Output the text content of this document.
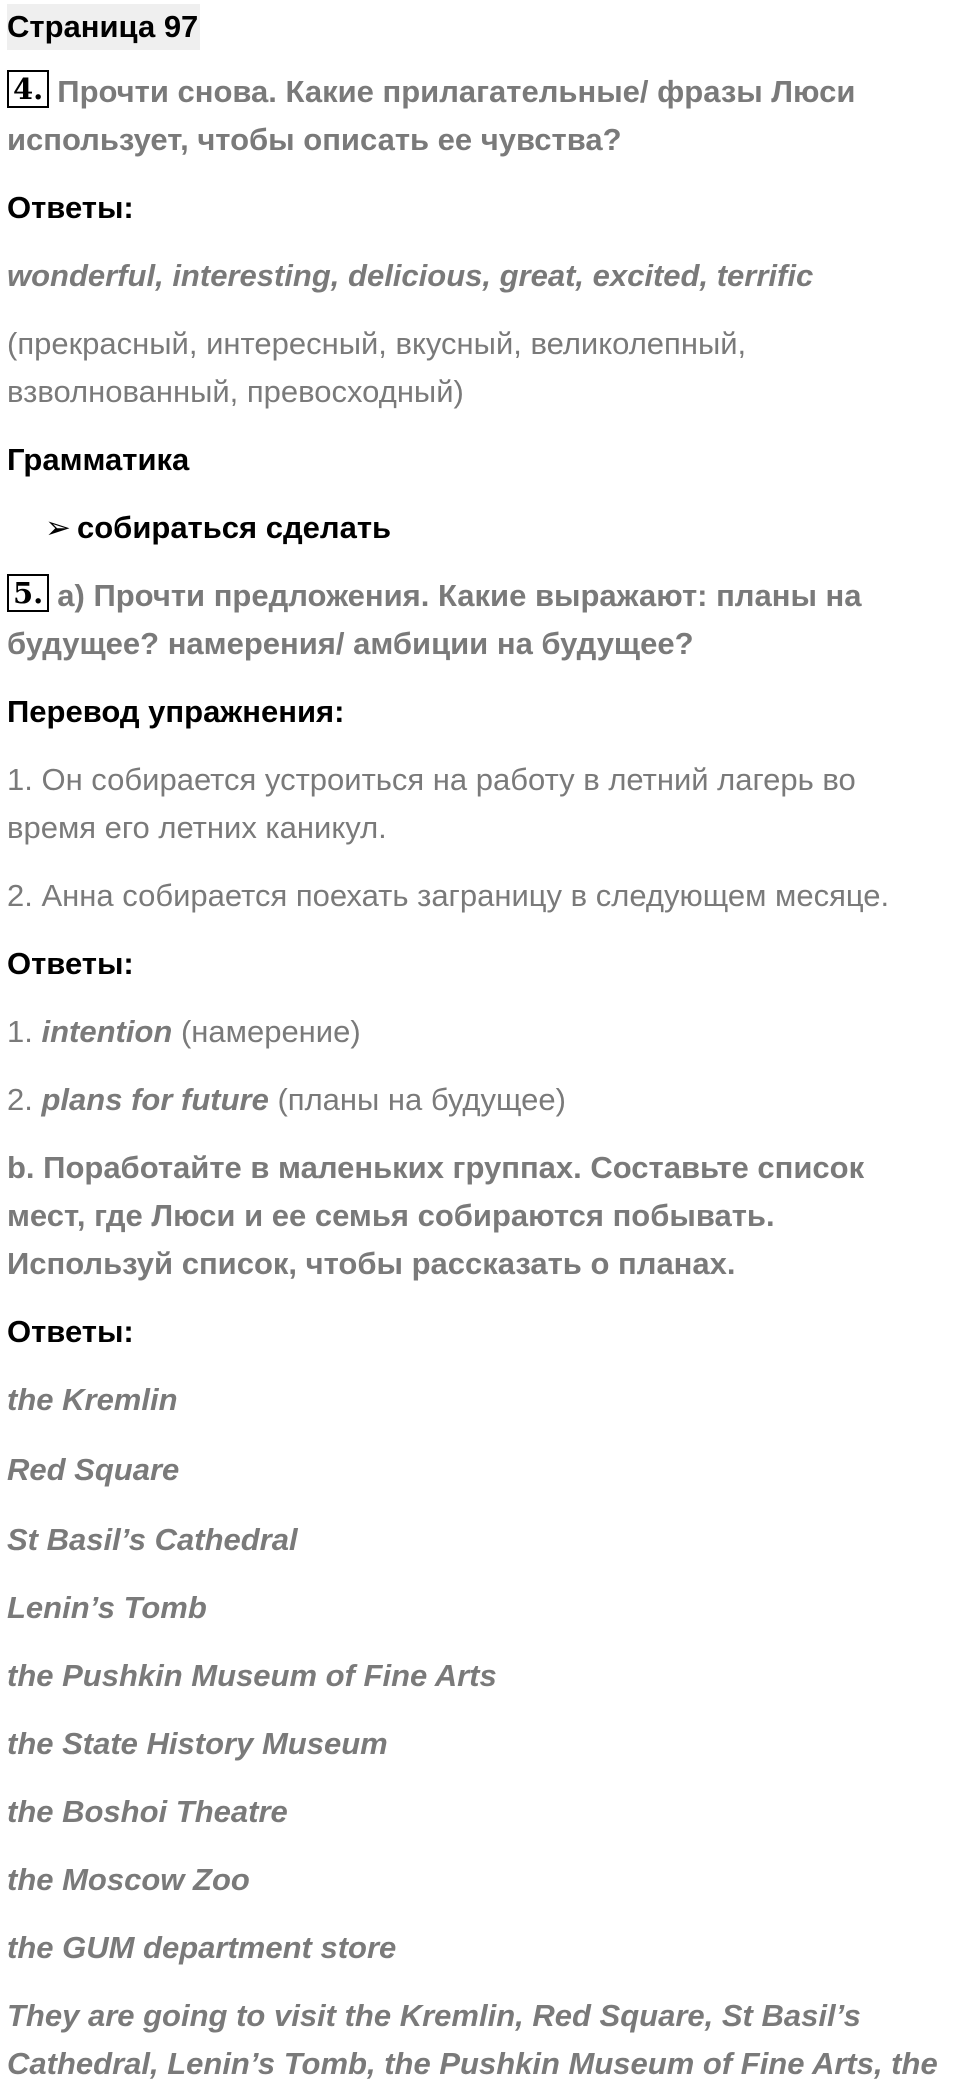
Страница 97

4. Прочти снова. Какие прилагательные/ фразы Люси
использует, чтобы описать ее чувства?

Ответы:

wonderful, interesting, delicious, great, excited, terrific

(прекрасный, интересный, вкусный, великолепный,
взволнованный, превосходный)

Грамматика

➢ собираться сделать

5. a) Прочти предложения. Какие выражают: планы на
будущее? намерения/ амбиции на будущее?

Перевод упражнения:

1. Он собирается устроиться на работу в летний лагерь во
время его летних каникул.

2. Анна собирается поехать заграницу в следующем месяце.

Ответы:

1. intention (намерение)

2. plans for future (планы на будущее)

b. Поработайте в маленьких группах. Составьте список
мест, где Люси и ее семья собираются побывать.
Используй список, чтобы рассказать о планах.

Ответы:

the Kremlin

Red Square

St Basil’s Cathedral

Lenin’s Tomb

the Pushkin Museum of Fine Arts

the State History Museum

the Boshoi Theatre

the Moscow Zoo

the GUM department store

They are going to visit the Kremlin, Red Square, St Basil’s
Cathedral, Lenin’s Tomb, the Pushkin Museum of Fine Arts, the
